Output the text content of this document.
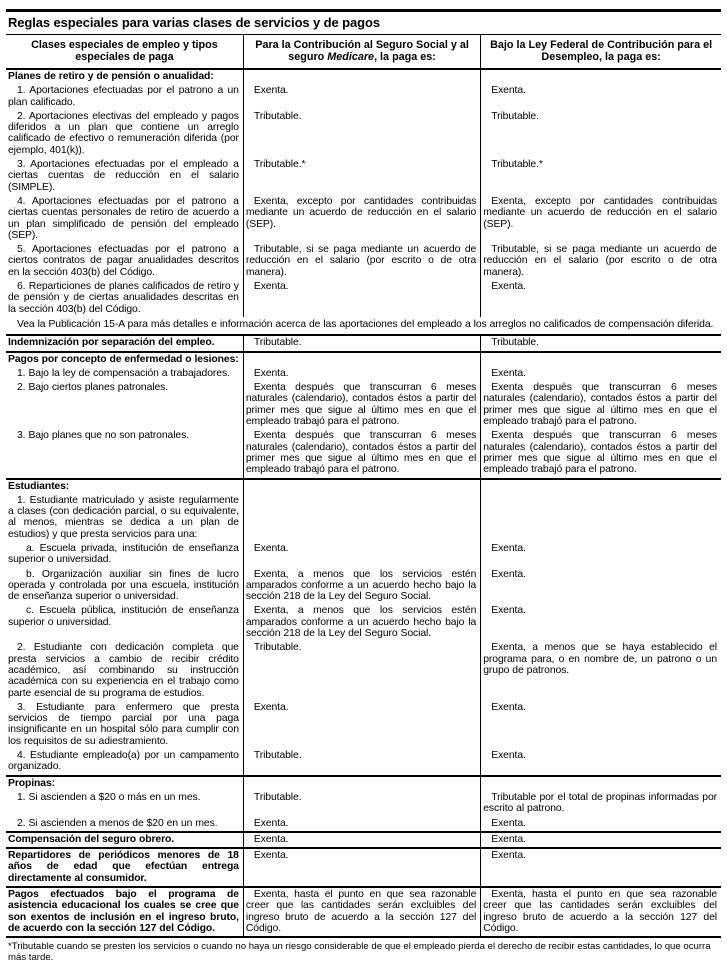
Reglas especiales para varias clases de servicios y de pagos
Clases especiales de empleo y tipos especiales de paga	Para la Contribución al Seguro Social y al seguro Medicare, la paga es:	Bajo la Ley Federal de Contribución para el Desempleo, la paga es:
Planes de retiro y de pensión o anualidad:		
1. Aportaciones efectuadas por el patrono a un plan calificado.	Exenta.	Exenta.
2. Aportaciones electivas del empleado y pagos diferidos a un plan que contiene un arreglo calificado de efectivo o remuneración diferida (por ejemplo, 401(k)).	Tributable.	Tributable.
3. Aportaciones efectuadas por el empleado a ciertas cuentas de reducción en el salario (SIMPLE).	Tributable.*	Tributable.*
4. Aportaciones efectuadas por el patrono a ciertas cuentas personales de retiro de acuerdo a un plan simplificado de pensión del empleado (SEP).	Exenta, excepto por cantidades contribuidas mediante un acuerdo de reducción en el salario (SEP).	Exenta, excepto por cantidades contribuidas mediante un acuerdo de reducción en el salario (SEP).
5. Aportaciones efectuadas por el patrono a ciertos contratos de pagar anualidades descritos en la sección 403(b) del Código.	Tributable, si se paga mediante un acuerdo de reducción en el salario (por escrito o de otra manera).	Tributable, si se paga mediante un acuerdo de reducción en el salario (por escrito o de otra manera).
6. Reparticiones de planes calificados de retiro y de pensión y de ciertas anualidades descritas en la sección 403(b) del Código.	Exenta.	Exenta.
Vea la Publicación 15-A para más detalles e información acerca de las aportaciones del empleado a los arreglos no calificados de compensación diferida.		
Indemnización por separación del empleo.	Tributable.	Tributable.
Pagos por concepto de enfermedad o lesiones:		
1. Bajo la ley de compensación a trabajadores.	Exenta.	Exenta.
2. Bajo ciertos planes patronales.	Exenta después que transcurran 6 meses naturales (calendario), contados éstos a partir del primer mes que sigue al último mes en que el empleado trabajó para el patrono.	Exenta después que transcurran 6 meses naturales (calendario), contados éstos a partir del primer mes que sigue al último mes en que el empleado trabajó para el patrono.
3. Bajo planes que no son patronales.	Exenta después que transcurran 6 meses naturales (calendario), contados éstos a partir del primer mes que sigue al último mes en que el empleado trabajó para el patrono.	Exenta después que transcurran 6 meses naturales (calendario), contados éstos a partir del primer mes que sigue al último mes en que el empleado trabajó para el patrono.
Estudiantes:		
1. Estudiante matriculado y asiste regularmente a clases (con dedicación parcial, o su equivalente, al menos, mientras se dedica a un plan de estudios) y que presta servicios para una:		
a. Escuela privada, institución de enseñanza superior o universidad.	Exenta.	Exenta.
b. Organización auxiliar sin fines de lucro operada y controlada por una escuela, institución de enseñanza superior o universidad.	Exenta, a menos que los servicios estén amparados conforme a un acuerdo hecho bajo la sección 218 de la Ley del Seguro Social.	Exenta.
c. Escuela pública, institución de enseñanza superior o universidad.	Exenta, a menos que los servicios estén amparados conforme a un acuerdo hecho bajo la sección 218 de la Ley del Seguro Social.	Exenta.
2. Estudiante con dedicación completa que presta servicios a cambio de recibir crédito académico, así combinando su instrucción académica con su experiencia en el trabajo como parte esencial de su programa de estudios.	Tributable.	Exenta, a menos que se haya establecido el programa para, o en nombre de, un patrono o un grupo de patronos.
3. Estudiante para enfermero que presta servicios de tiempo parcial por una paga insignificante en un hospital sólo para cumplir con los requisitos de su adiestramiento.	Exenta.	Exenta.
4. Estudiante empleado(a) por un campamento organizado.	Tributable.	Exenta.
Propinas:		
1. Si ascienden a $20 o más en un mes.	Tributable.	Tributable por el total de propinas informadas por escrito al patrono.
2. Si ascienden a menos de $20 en un mes.	Exenta.	Exenta.
Compensación del seguro obrero.	Exenta.	Exenta.
Repartidores de periódicos menores de 18 años de edad que efectúan entrega directamente al consumidor.	Exenta.	Exenta.
Pagos efectuados bajo el programa de asistencia educacional los cuales se cree que son exentos de inclusión en el ingreso bruto, de acuerdo con la sección 127 del Código.	Exenta, hasta el punto en que sea razonable creer que las cantidades serán excluibles del ingreso bruto de acuerdo a la sección 127 del Código.	Exenta, hasta el punto en que sea razonable creer que las cantidades serán excluibles del ingreso bruto de acuerdo a la sección 127 del Código.
*Tributable cuando se presten los servicios o cuando no haya un riesgo considerable de que el empleado pierda el derecho de recibir estas cantidades, lo que ocurra más tarde.
